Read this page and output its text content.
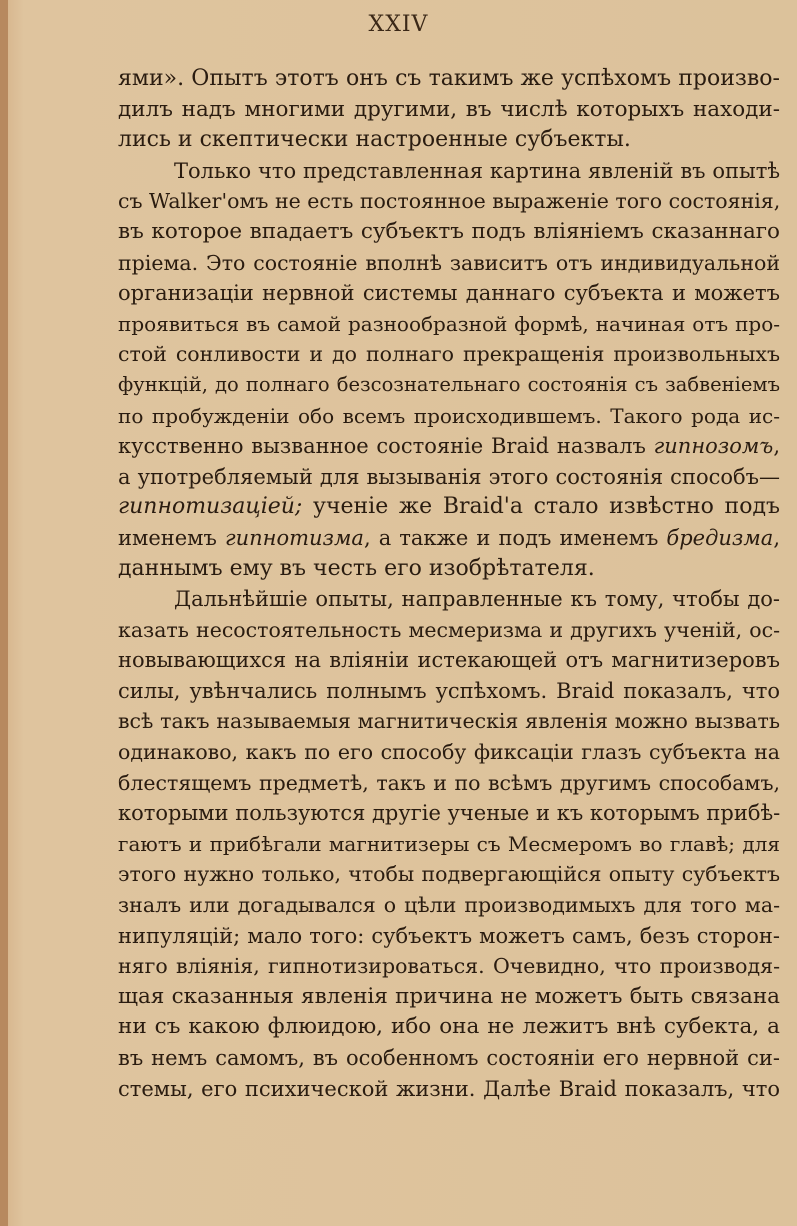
XXIV
ями». Опытъ этотъ онъ съ такимъ же успѣхомъ произво-
дилъ надъ многими другими, въ числѣ которыхъ находи-
лись и скептически настроенные субъекты.
Только что представленная картина явленій въ опытѣ
съ Walker'омъ не есть постоянное выраженіе того состоянія,
въ которое впадаетъ субъектъ подъ вліяніемъ сказаннаго
пріема. Это состояніе вполнѣ зависитъ отъ индивидуальной
организаціи нервной системы даннаго субъекта и можетъ
проявиться въ самой разнообразной формѣ, начиная отъ про-
стой сонливости и до полнаго прекращенія произвольныхъ
функцій, до полнаго безсознательнаго состоянія съ забвеніемъ
по пробужденіи обо всемъ происходившемъ. Такого рода ис-
кусственно вызванное состояніе Braid назвалъ гипнозомъ,
а употребляемый для вызыванія этого состоянія способъ—
гипнотизаціей; ученіе же Braid'a стало извѣстно подъ
именемъ гипнотизма, а также и подъ именемъ бредизма,
даннымъ ему въ честь его изобрѣтателя.
Дальнѣйшіе опыты, направленные къ тому, чтобы до-
казать несостоятельность месмеризма и другихъ ученій, ос-
новывающихся на вліяніи истекающей отъ магнитизеровъ
силы, увѣнчались полнымъ успѣхомъ. Braid показалъ, что
всѣ такъ называемыя магнитическія явленія можно вызвать
одинаково, какъ по его способу фиксаціи глазъ субъекта на
блестящемъ предметѣ, такъ и по всѣмъ другимъ способамъ,
которыми пользуются другіе ученые и къ которымъ прибѣ-
гаютъ и прибѣгали магнитизеры съ Месмеромъ во главѣ; для
этого нужно только, чтобы подвергающійся опыту субъектъ
зналъ или догадывался о цѣли производимыхъ для того ма-
нипуляцій; мало того: субъектъ можетъ самъ, безъ сторон-
няго вліянія, гипнотизироваться. Очевидно, что производя-
щая сказанныя явленія причина не можетъ быть связана
ни съ какою флюидою, ибо она не лежитъ внѣ субекта, а
въ немъ самомъ, въ особенномъ состояніи его нервной си-
стемы, его психической жизни. Далѣе Braid показалъ, что
